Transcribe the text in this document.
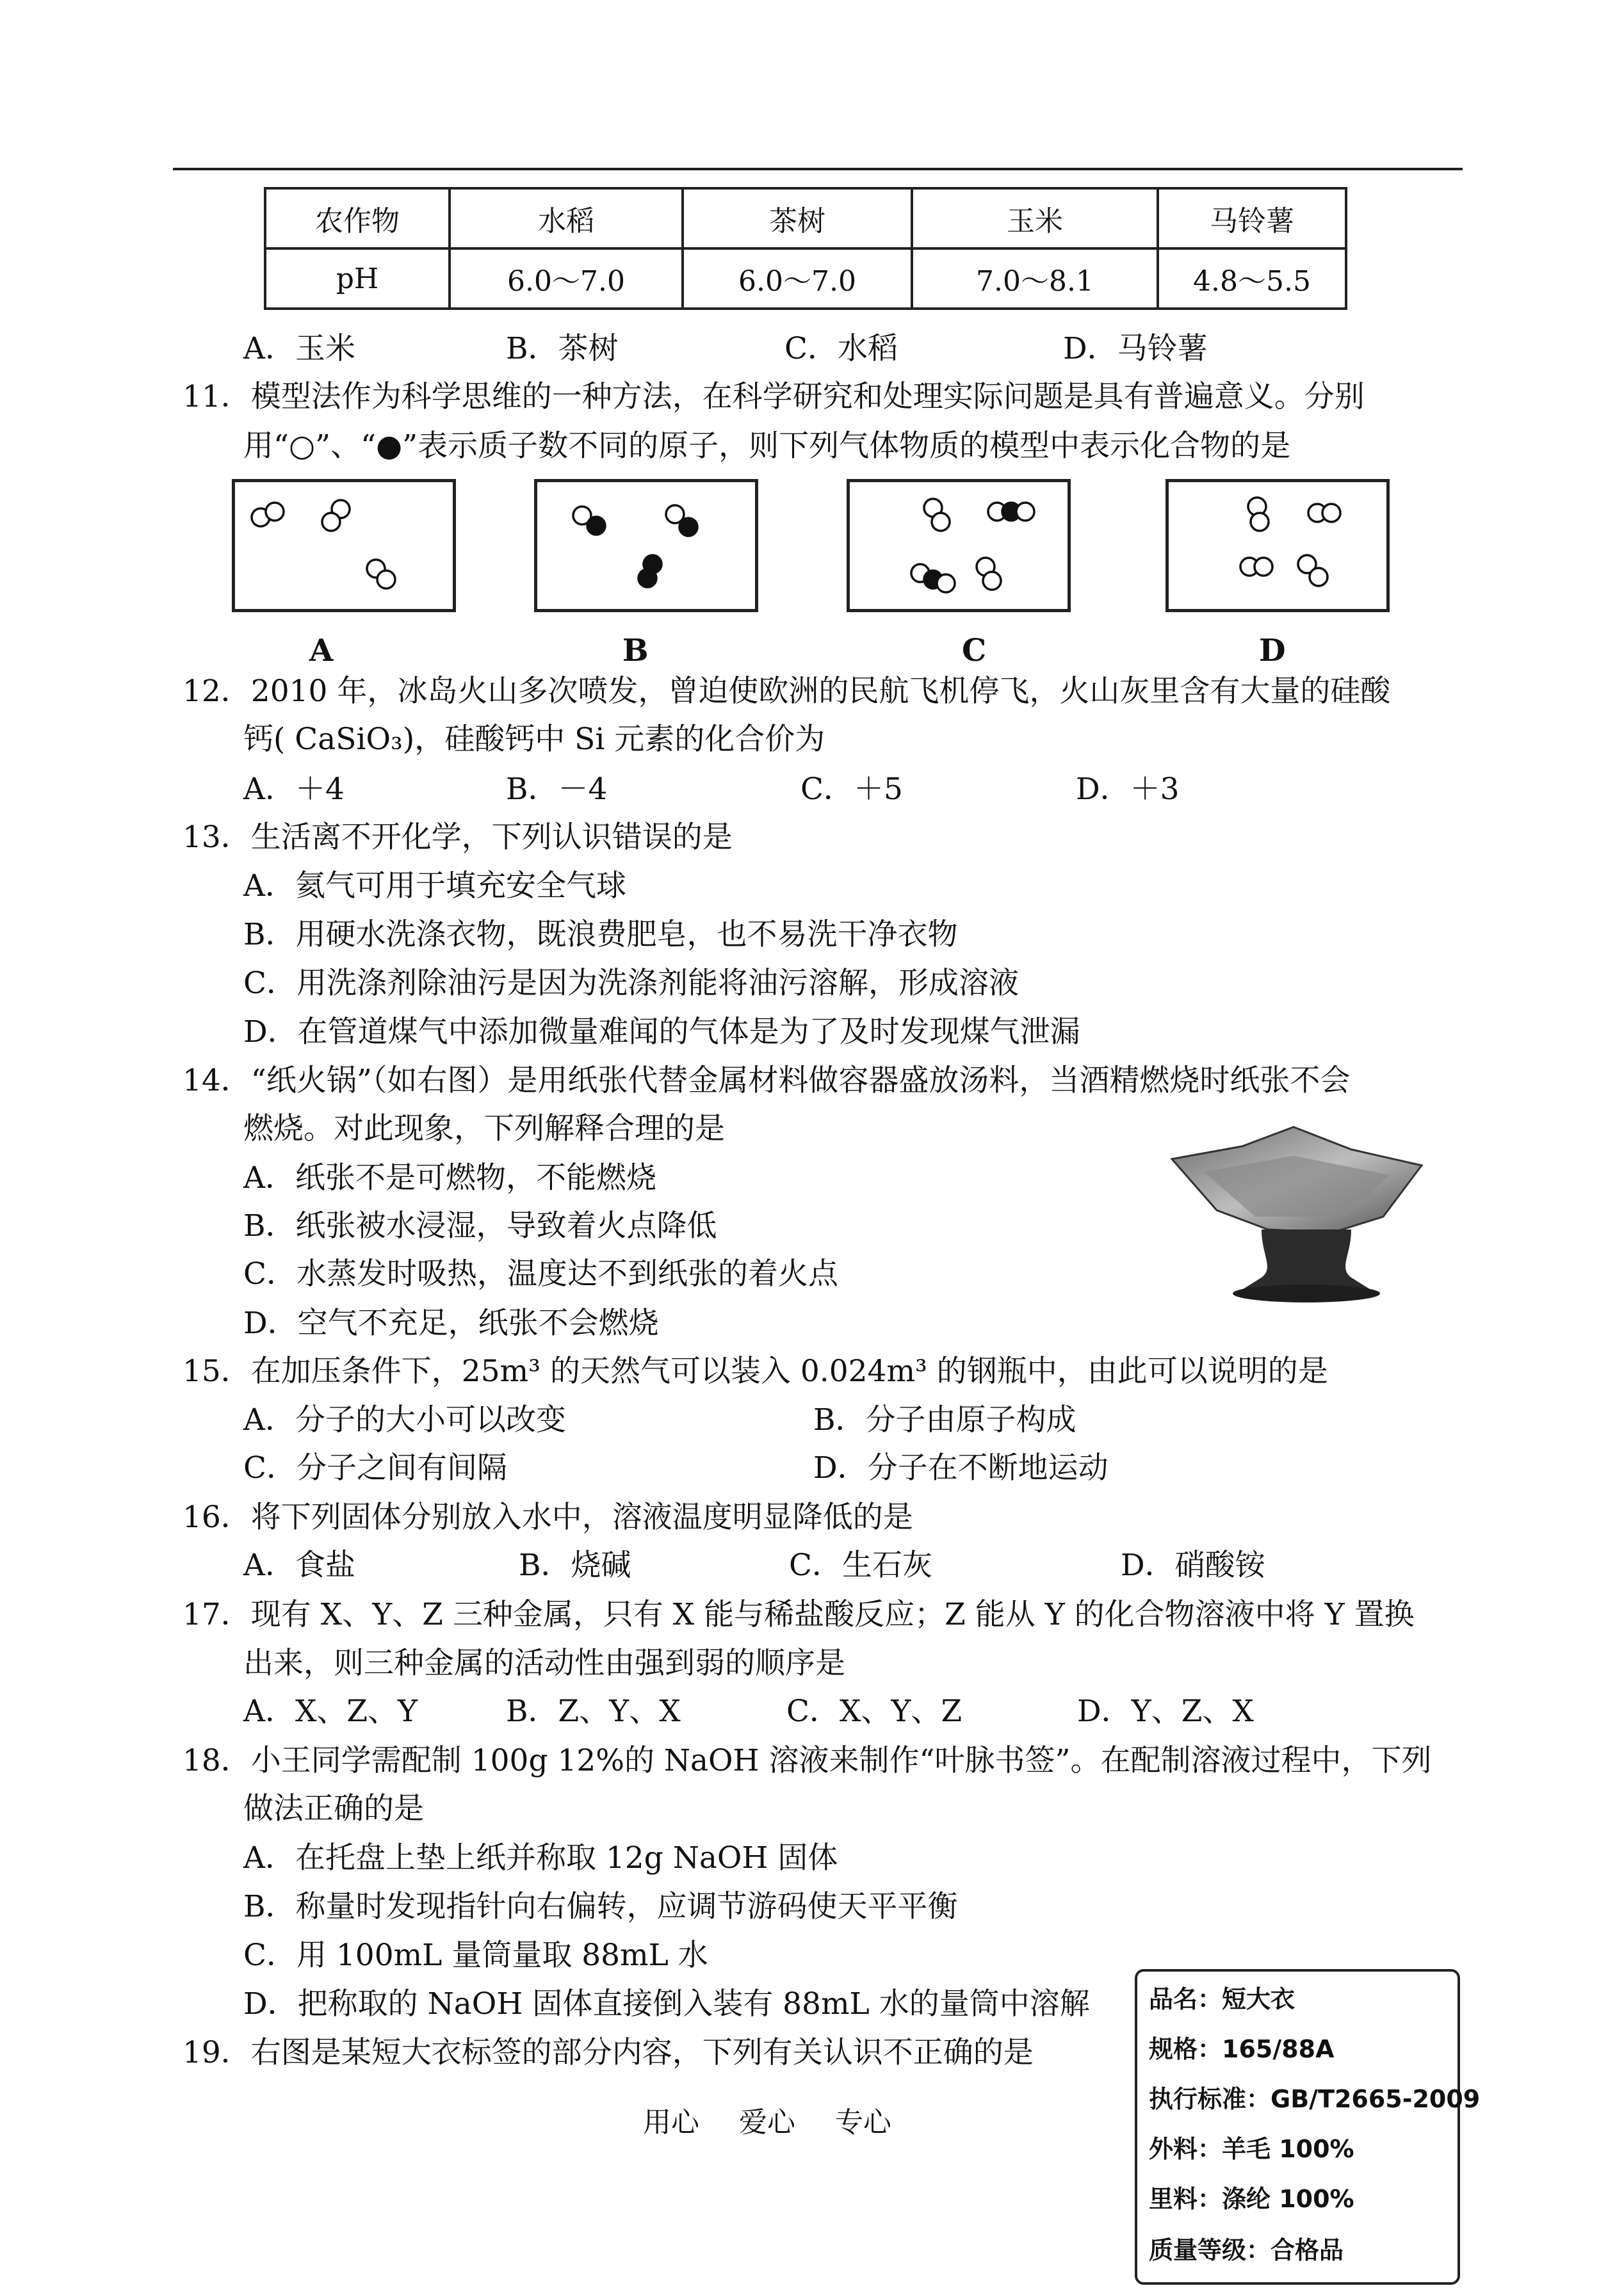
农作物	水稻	茶树	玉米	马铃薯
pH	6.0～7.0	6.0～7.0	7.0～8.1	4.8～5.5
A．玉米	B．茶树	C．水稻	D．马铃薯
11．模型法作为科学思维的一种方法，在科学研究和处理实际问题是具有普遍意义。分别
用“○”、“●”表示质子数不同的原子，则下列气体物质的模型中表示化合物的是
A	B	C	D
12．2010 年，冰岛火山多次喷发，曾迫使欧洲的民航飞机停飞，火山灰里含有大量的硅酸
钙( CaSiO₃)，硅酸钙中 Si 元素的化合价为
A．＋4	B．－4	C．＋5	D．＋3
13．生活离不开化学，下列认识错误的是
A．氦气可用于填充安全气球
B．用硬水洗涤衣物，既浪费肥皂，也不易洗干净衣物
C．用洗涤剂除油污是因为洗涤剂能将油污溶解，形成溶液
D．在管道煤气中添加微量难闻的气体是为了及时发现煤气泄漏
14．“纸火锅”（如右图）是用纸张代替金属材料做容器盛放汤料，当酒精燃烧时纸张不会
燃烧。对此现象，下列解释合理的是
A．纸张不是可燃物，不能燃烧
B．纸张被水浸湿，导致着火点降低
C．水蒸发时吸热，温度达不到纸张的着火点
D．空气不充足，纸张不会燃烧
15．在加压条件下，25m³ 的天然气可以装入 0.024m³ 的钢瓶中，由此可以说明的是
A．分子的大小可以改变	B．分子由原子构成
C．分子之间有间隔	D．分子在不断地运动
16．将下列固体分别放入水中，溶液温度明显降低的是
A．食盐	B．烧碱	C．生石灰	D．硝酸铵
17．现有 X、Y、Z 三种金属，只有 X 能与稀盐酸反应；Z 能从 Y 的化合物溶液中将 Y 置换
出来，则三种金属的活动性由强到弱的顺序是
A．X、Z、Y	B．Z、Y、X	C．X、Y、Z	D．Y、Z、X
18．小王同学需配制 100g 12%的 NaOH 溶液来制作“叶脉书签”。在配制溶液过程中，下列
做法正确的是
A．在托盘上垫上纸并称取 12g NaOH 固体
B．称量时发现指针向右偏转，应调节游码使天平平衡
C．用 100mL 量筒量取 88mL 水
D．把称取的 NaOH 固体直接倒入装有 88mL 水的量筒中溶解
19．右图是某短大衣标签的部分内容，下列有关认识不正确的是
品名：短大衣
规格：165/88A
执行标准：GB/T2665-2009
外料：羊毛 100%
里料：涤纶 100%
质量等级：合格品
用心 爱心 专心
